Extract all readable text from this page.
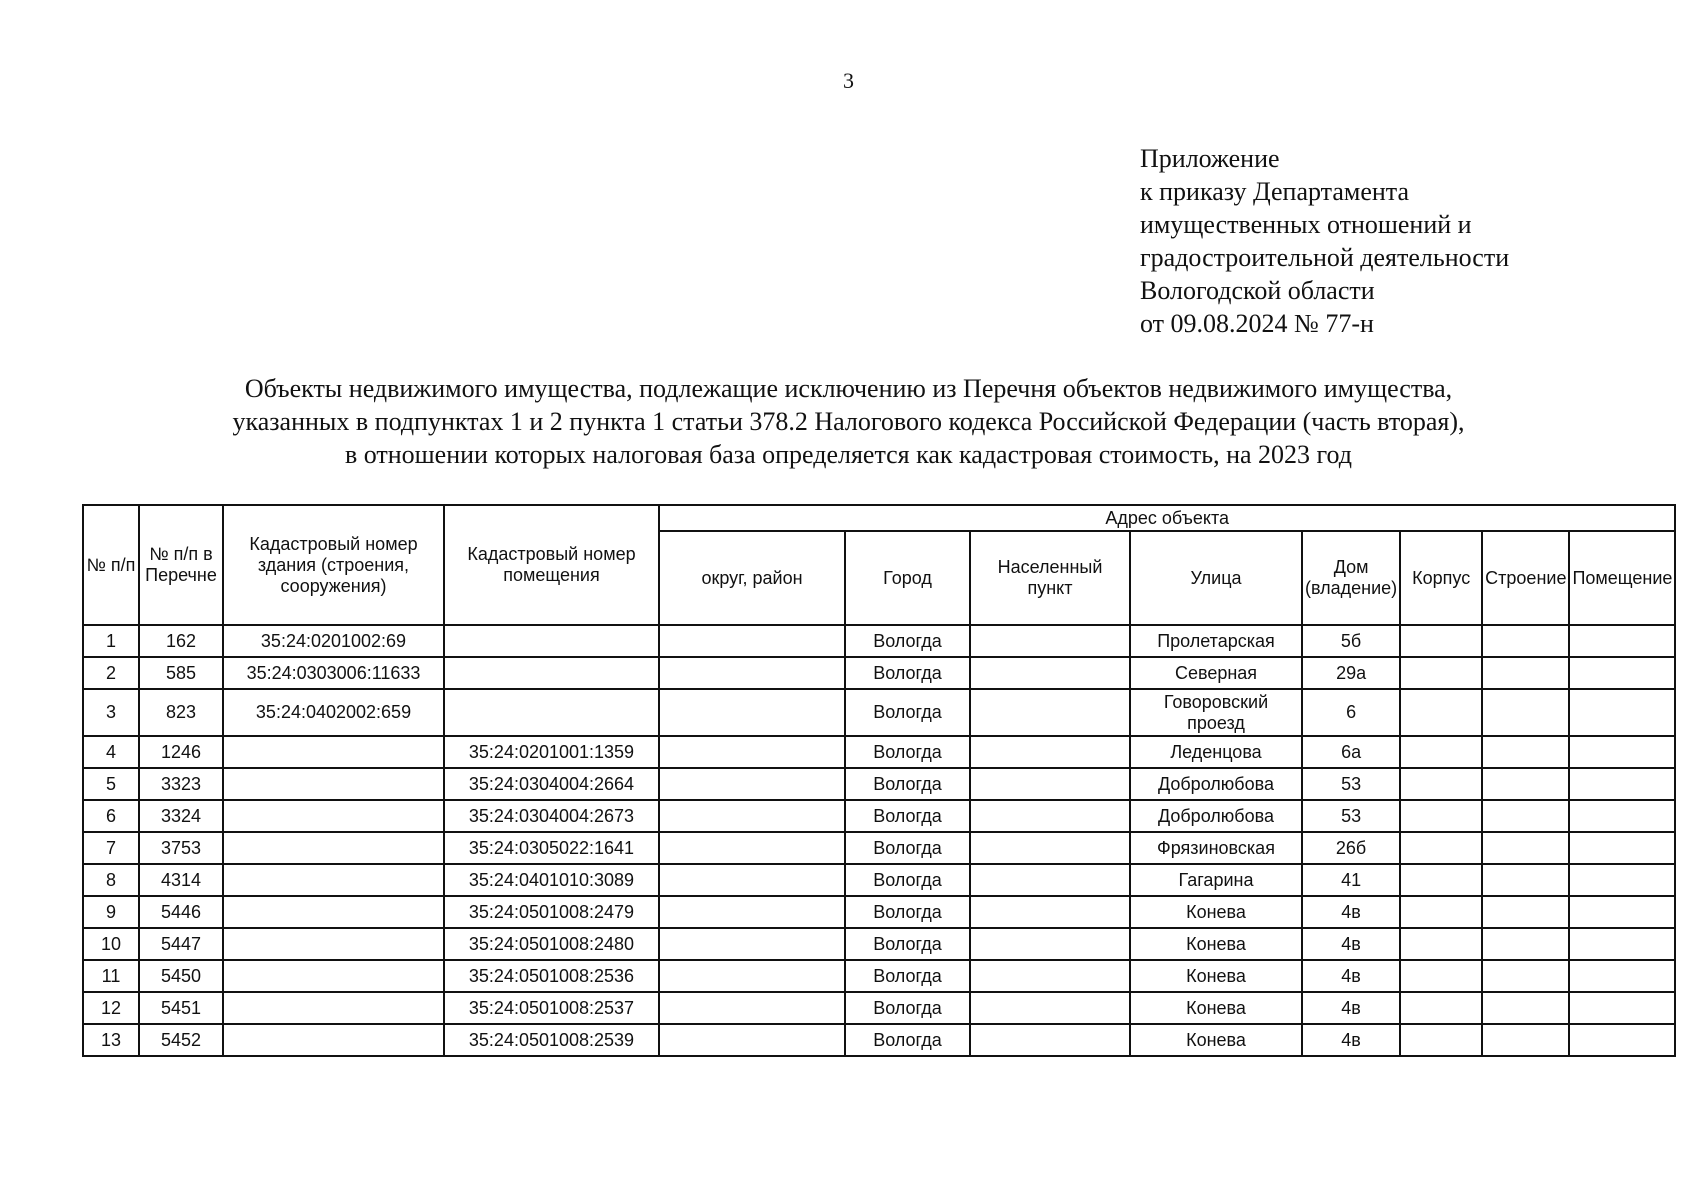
3
Приложение
к приказу Департамента
имущественных отношений и
градостроительной деятельности
Вологодской области
от 09.08.2024 № 77-н
Объекты недвижимого имущества, подлежащие исключению из Перечня объектов недвижимого имущества,
указанных в подпунктах 1 и 2 пункта 1 статьи 378.2 Налогового кодекса Российской Федерации (часть вторая),
в отношении которых налоговая база определяется как кадастровая стоимость, на 2023 год
№ п/п	№ п/п в Перечне	Кадастровый номер здания (строения, сооружения)	Кадастровый номер помещения	Адрес объекта							
				округ, район	Город	Населенный пункт	Улица	Дом (владение)	Корпус	Строение	Помещение
1	162	35:24:0201002:69			Вологда		Пролетарская	5б			
2	585	35:24:0303006:11633			Вологда		Северная	29а			
3	823	35:24:0402002:659			Вологда		Говоровский проезд	6			
4	1246		35:24:0201001:1359		Вологда		Леденцова	6а			
5	3323		35:24:0304004:2664		Вологда		Добролюбова	53			
6	3324		35:24:0304004:2673		Вологда		Добролюбова	53			
7	3753		35:24:0305022:1641		Вологда		Фрязиновская	26б			
8	4314		35:24:0401010:3089		Вологда		Гагарина	41			
9	5446		35:24:0501008:2479		Вологда		Конева	4в			
10	5447		35:24:0501008:2480		Вологда		Конева	4в			
11	5450		35:24:0501008:2536		Вологда		Конева	4в			
12	5451		35:24:0501008:2537		Вологда		Конева	4в			
13	5452		35:24:0501008:2539		Вологда		Конева	4в			
